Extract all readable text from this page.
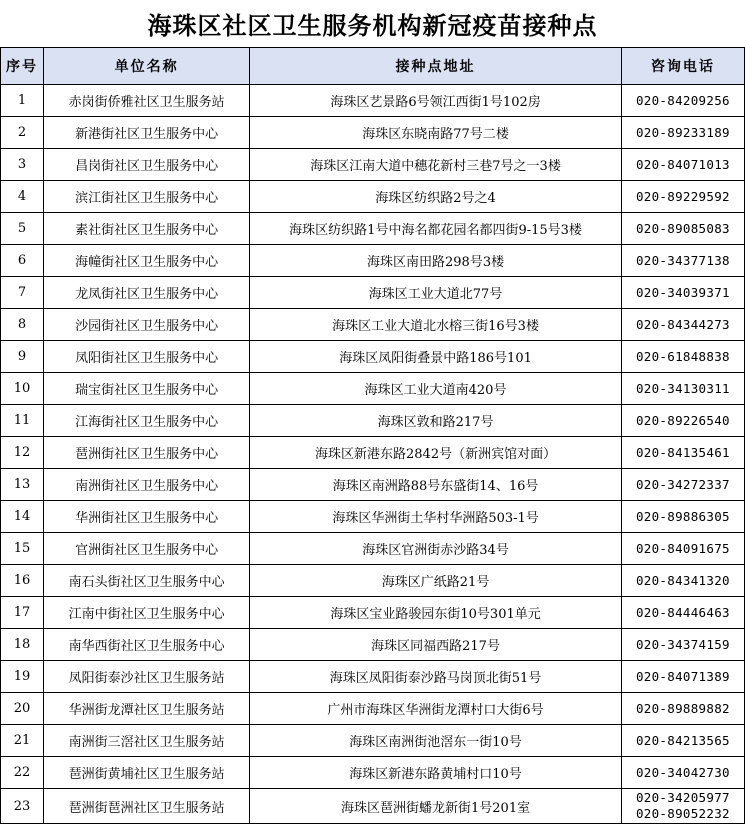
海珠区社区卫生服务机构新冠疫苗接种点
序号	单位名称	接种点地址	咨询电话
1	赤岗街侨雅社区卫生服务站	海珠区艺景路6号领江西街1号102房	020-84209256

2	新港街社区卫生服务中心	海珠区东晓南路77号二楼	020-89233189

3	昌岗街社区卫生服务中心	海珠区江南大道中穗花新村三巷7号之一3楼	020-84071013

4	滨江街社区卫生服务中心	海珠区纺织路2号之4	020-89229592

5	素社街社区卫生服务中心	海珠区纺织路1号中海名都花园名都四街9-15号3楼	020-89085083

6	海幢街社区卫生服务中心	海珠区南田路298号3楼	020-34377138

7	龙凤街社区卫生服务中心	海珠区工业大道北77号	020-34039371

8	沙园街社区卫生服务中心	海珠区工业大道北水榕三街16号3楼	020-84344273

9	凤阳街社区卫生服务中心	海珠区凤阳街叠景中路186号101	020-61848838

10	瑞宝街社区卫生服务中心	海珠区工业大道南420号	020-34130311

11	江海街社区卫生服务中心	海珠区敦和路217号	020-89226540

12	琶洲街社区卫生服务中心	海珠区新港东路2842号（新洲宾馆对面）	020-84135461

13	南洲街社区卫生服务中心	海珠区南洲路88号东盛街14、16号	020-34272337

14	华洲街社区卫生服务中心	海珠区华洲街土华村华洲路503-1号	020-89886305

15	官洲街社区卫生服务中心	海珠区官洲街赤沙路34号	020-84091675

16	南石头街社区卫生服务中心	海珠区广纸路21号	020-84341320

17	江南中街社区卫生服务中心	海珠区宝业路骏园东街10号301单元	020-84446463

18	南华西街社区卫生服务中心	海珠区同福西路217号	020-34374159

19	凤阳街泰沙社区卫生服务站	海珠区凤阳街泰沙路马岗顶北街51号	020-84071389

20	华洲街龙潭社区卫生服务站	广州市海珠区华洲街龙潭村口大街6号	020-89889882

21	南洲街三滘社区卫生服务站	海珠区南洲街池滘东一街10号	020-84213565

22	琶洲街黄埔社区卫生服务站	海珠区新港东路黄埔村口10号	020-34042730

23	琶洲街琶洲社区卫生服务站	海珠区琶洲街蟠龙新街1号201室	020-34205977
020-89052232
